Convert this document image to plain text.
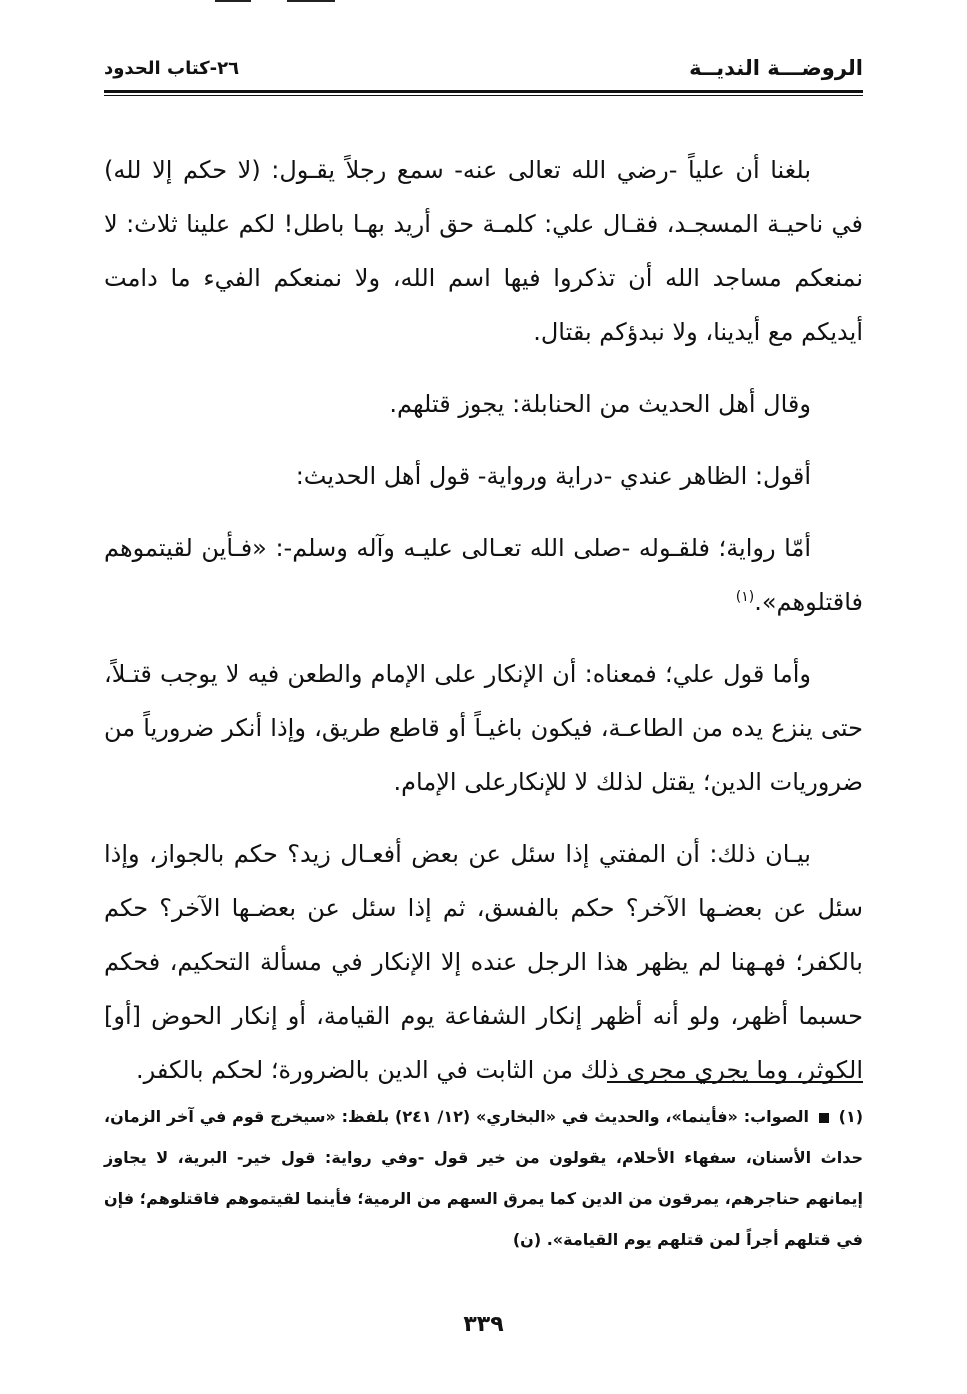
الروضـــة النديــة
٢٦-كتاب الحدود

بلغنا أن علياً -رضي الله تعالى عنه- سمع رجلاً يقـول: (لا حكم إلا لله) في ناحيـة المسجـد، فقـال علي: كلمـة حق أريد بهـا باطل! لكم علينا ثلاث: لا نمنعكم مساجد الله أن تذكروا فيها اسم الله، ولا نمنعكم الفيء ما دامت أيديكم مع أيدينا، ولا نبدؤكم بقتال.

وقال أهل الحديث من الحنابلة: يجوز قتلهم.

أقول: الظاهر عندي -دراية ورواية- قول أهل الحديث:

أمّا رواية؛ فلقـوله -صلى الله تعـالى عليـه وآله وسلم-: «فـأين لقيتموهم فاقتلوهم».$^{(١)}$

وأما قول علي؛ فمعناه: أن الإنكار على الإمام والطعن فيه لا يوجب قتـلاً، حتى ينزع يده من الطاعـة، فيكون باغيـاً أو قاطع طريق، وإذا أنكر ضرورياً من ضروريات الدين؛ يقتل لذلك لا للإنكارعلى الإمام.

بيـان ذلك: أن المفتي إذا سئل عن بعض أفعـال زيد؟ حكم بالجواز، وإذا سئل عن بعضـها الآخر؟ حكم بالفسق، ثم إذا سئل عن بعضـها الآخر؟ حكم بالكفر؛ فهـهنا لم يظهر هذا الرجل عنده إلا الإنكار في مسألة التحكيم، فحكم حسبما أظهر، ولو أنه أظهر إنكار الشفاعة يوم القيامة، أو إنكار الحوض [أو] الكوثر، وما يجري مجرى ذلك من الثابت في الدين بالضرورة؛ لحكم بالكفر.

(١)  الصواب: «فأينما»، والحديث في «البخاري» (١٢/ ٢٤١) بلفظ: «سيخرج قوم في آخر الزمان، حداث الأسنان، سفهاء الأحلام، يقولون من خير قول -وفي رواية: قول خير- البرية، لا يجاوز إيمانهم حناجرهم، يمرقون من الدين كما يمرق السهم من الرمية؛ فأينما لقيتموهم فاقتلوهم؛ فإن في قتلهم أجراً لمن قتلهم يوم القيامة». (ن)
٣٣٩
